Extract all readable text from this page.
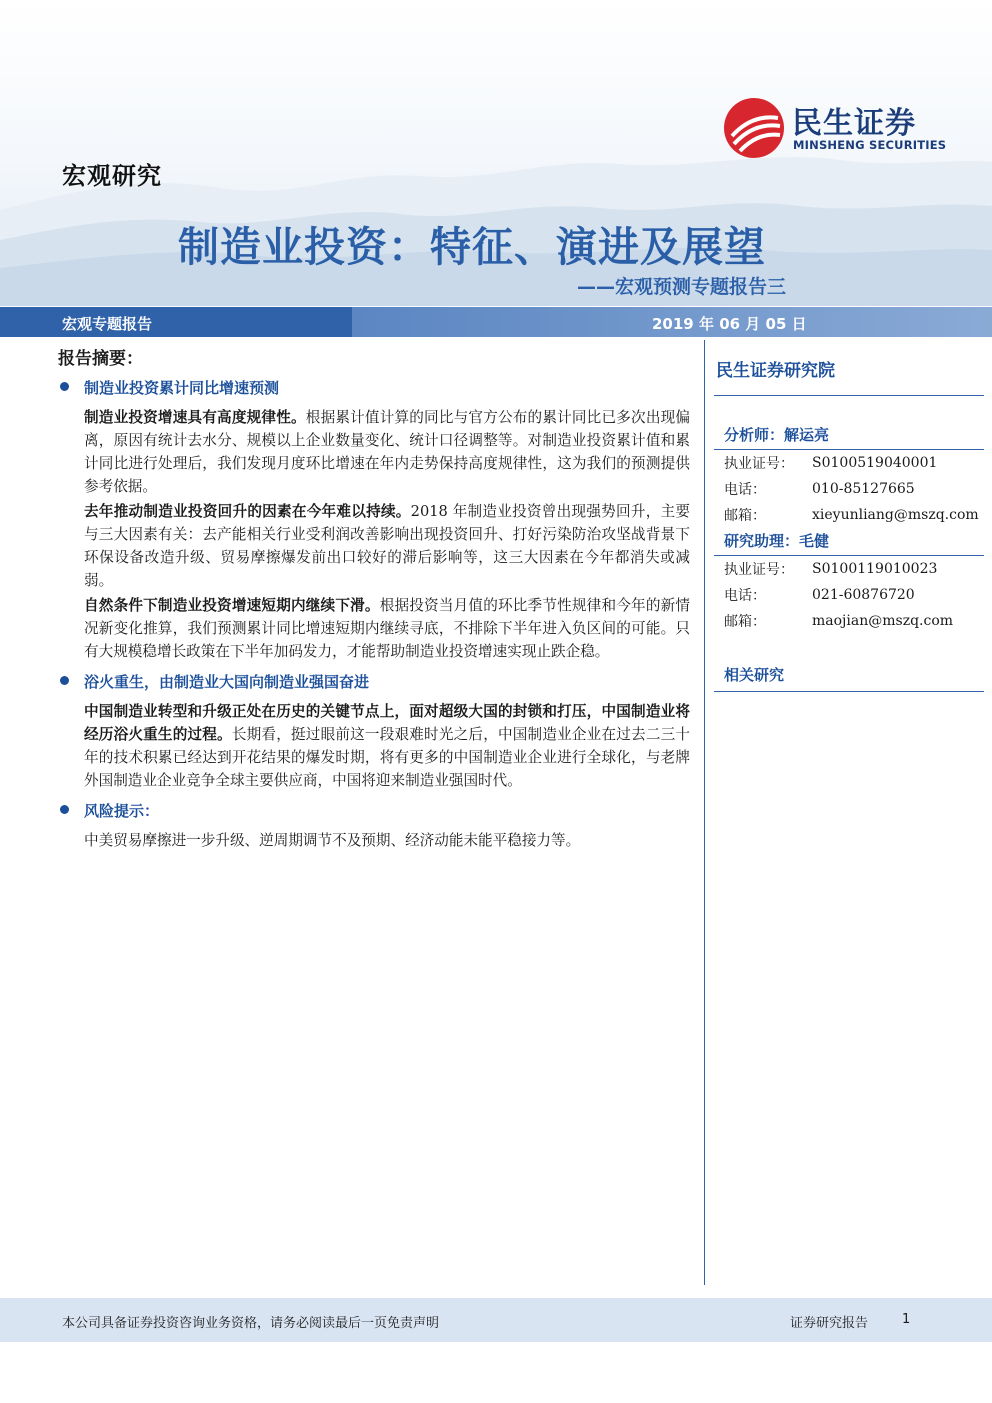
宏观研究
民生证券
MINSHENG SECURITIES
制造业投资：特征、演进及展望
——宏观预测专题报告三
宏观专题报告	2019 年 06 月 05 日
报告摘要：
制造业投资累计同比增速预测
制造业投资增速具有高度规律性。根据累计值计算的同比与官方公布的累计同比已多次出现偏离，原因有统计去水分、规模以上企业数量变化、统计口径调整等。对制造业投资累计值和累计同比进行处理后，我们发现月度环比增速在年内走势保持高度规律性，这为我们的预测提供参考依据。
去年推动制造业投资回升的因素在今年难以持续。2018 年制造业投资曾出现强势回升，主要与三大因素有关：去产能相关行业受利润改善影响出现投资回升、打好污染防治攻坚战背景下环保设备改造升级、贸易摩擦爆发前出口较好的滞后影响等，这三大因素在今年都消失或减弱。
自然条件下制造业投资增速短期内继续下滑。根据投资当月值的环比季节性规律和今年的新情况新变化推算，我们预测累计同比增速短期内继续寻底，不排除下半年进入负区间的可能。只有大规模稳增长政策在下半年加码发力，才能帮助制造业投资增速实现止跌企稳。
浴火重生，由制造业大国向制造业强国奋进
中国制造业转型和升级正处在历史的关键节点上，面对超级大国的封锁和打压，中国制造业将经历浴火重生的过程。长期看，挺过眼前这一段艰难时光之后，中国制造业企业在过去二三十年的技术积累已经达到开花结果的爆发时期，将有更多的中国制造业企业进行全球化，与老牌外国制造业企业竞争全球主要供应商，中国将迎来制造业强国时代。
风险提示：
中美贸易摩擦进一步升级、逆周期调节不及预期、经济动能未能平稳接力等。
民生证券研究院
分析师：解运亮
执业证号：	S0100519040001
电话：	010-85127665
邮箱：	xieyunliang@mszq.com
研究助理：毛健
执业证号：	S0100119010023
电话：	021-60876720
邮箱：	maojian@mszq.com
相关研究
本公司具备证券投资咨询业务资格，请务必阅读最后一页免责声明	证券研究报告	1
